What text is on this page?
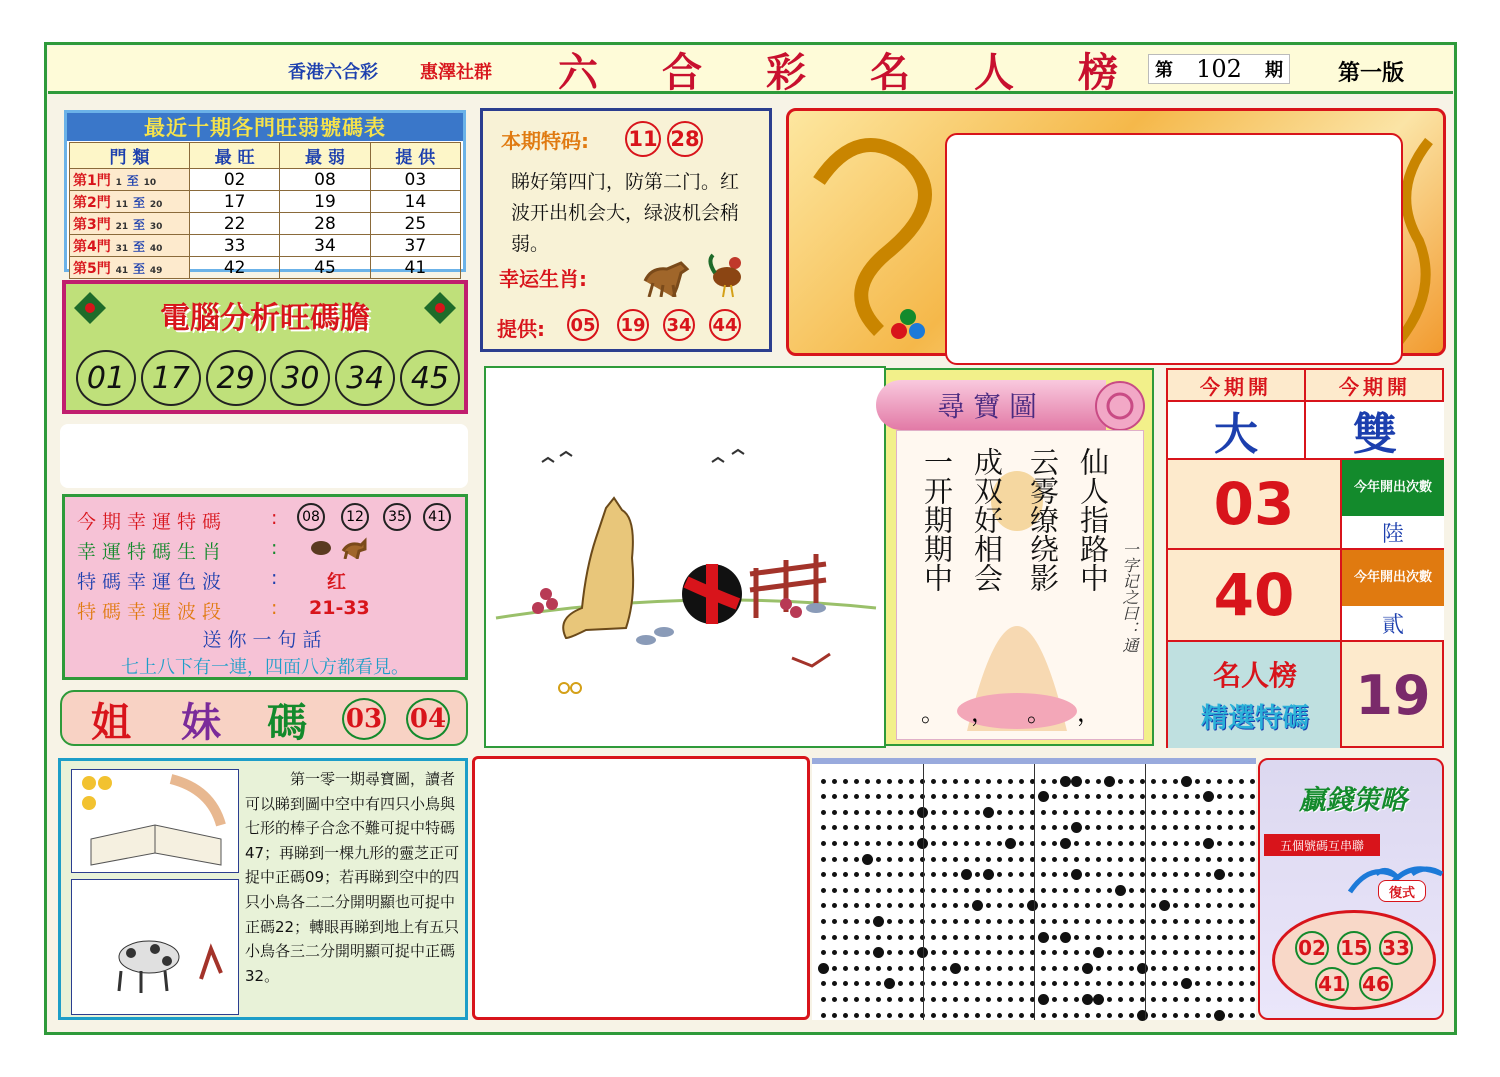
香港六合彩 惠澤社群 六 合 彩 名 人 榜 第 102 期	第一版
最近十期各門旺弱號碼表
門 類	最 旺	最 弱	提 供
第1門 1 至 10	02	08	03
第2門 11 至 20	17	19	14
第3門 21 至 30	22	28	25
第4門 31 至 40	33	34	37
第5門 41 至 49	42	45	41
本期特码: 11 28
睇好第四门，防第二门。红波开出机会大，绿波机会稍弱。
幸运生肖:
提供: 05 19 34 44
電腦分析旺碼膽
01 17 29 30 34 45
今期幸運特碼 :	08	12	35	41
幸運特碼生肖 :
特碼幸運色波 :	红
特碼幸運波段 : 21-33
送你一句話
七上八下有一連，四面八方都看見。
姐 妹 碼 03 04
尋寶圖
仙人指路中
云雾缭绕影
成双好相会
一开期期中
，
。
，
。
一字记之曰：通
今期開	今期開
大	雙
03	今年開出次數
陸
40	今年開出次數
貳
名人榜
精選特碼 19
第一零一期尋寶圖，讀者可以睇到圖中空中有四只小鳥與七形的棒子合念不難可捉中特碼47；再睇到一棵九形的靈芝正可捉中正碼09；若再睇到空中的四只小鳥各二二分開明顯也可捉中正碼22；轉眼再睇到地上有五只小鳥各三二分開明顯可捉中正碼32。
贏錢策略
五個號碼互串聯
復式
02 15 33
41 46
